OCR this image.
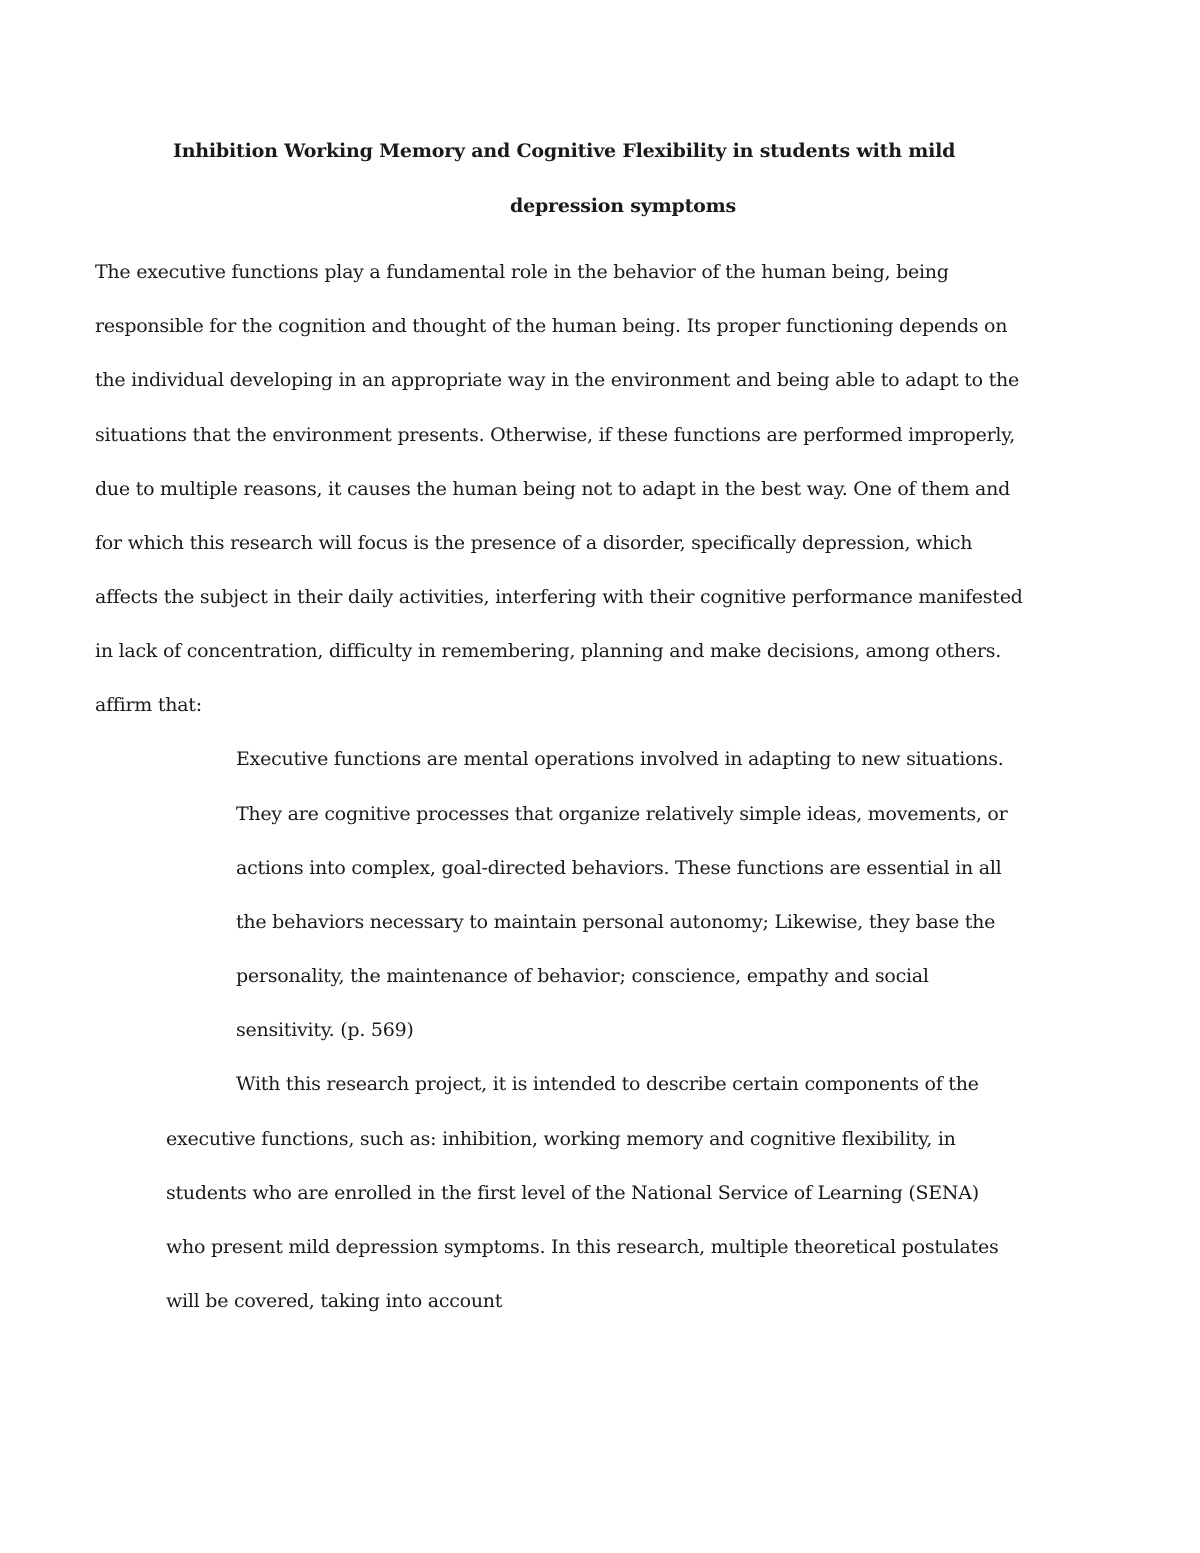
Inhibition Working Memory and Cognitive Flexibility in students with mild
depression symptoms
The executive functions play a fundamental role in the behavior of the human being, being
responsible for the cognition and thought of the human being. Its proper functioning depends on
the individual developing in an appropriate way in the environment and being able to adapt to the
situations that the environment presents. Otherwise, if these functions are performed improperly,
due to multiple reasons, it causes the human being not to adapt in the best way. One of them and
for which this research will focus is the presence of a disorder, specifically depression, which
affects the subject in their daily activities, interfering with their cognitive performance manifested
in lack of concentration, difficulty in remembering, planning and make decisions, among others.
affirm that:
Executive functions are mental operations involved in adapting to new situations.
They are cognitive processes that organize relatively simple ideas, movements, or
actions into complex, goal-directed behaviors. These functions are essential in all
the behaviors necessary to maintain personal autonomy; Likewise, they base the
personality, the maintenance of behavior; conscience, empathy and social
sensitivity. (p. 569)
With this research project, it is intended to describe certain components of the
executive functions, such as: inhibition, working memory and cognitive flexibility, in
students who are enrolled in the first level of the National Service of Learning (SENA)
who present mild depression symptoms. In this research, multiple theoretical postulates
will be covered, taking into account
